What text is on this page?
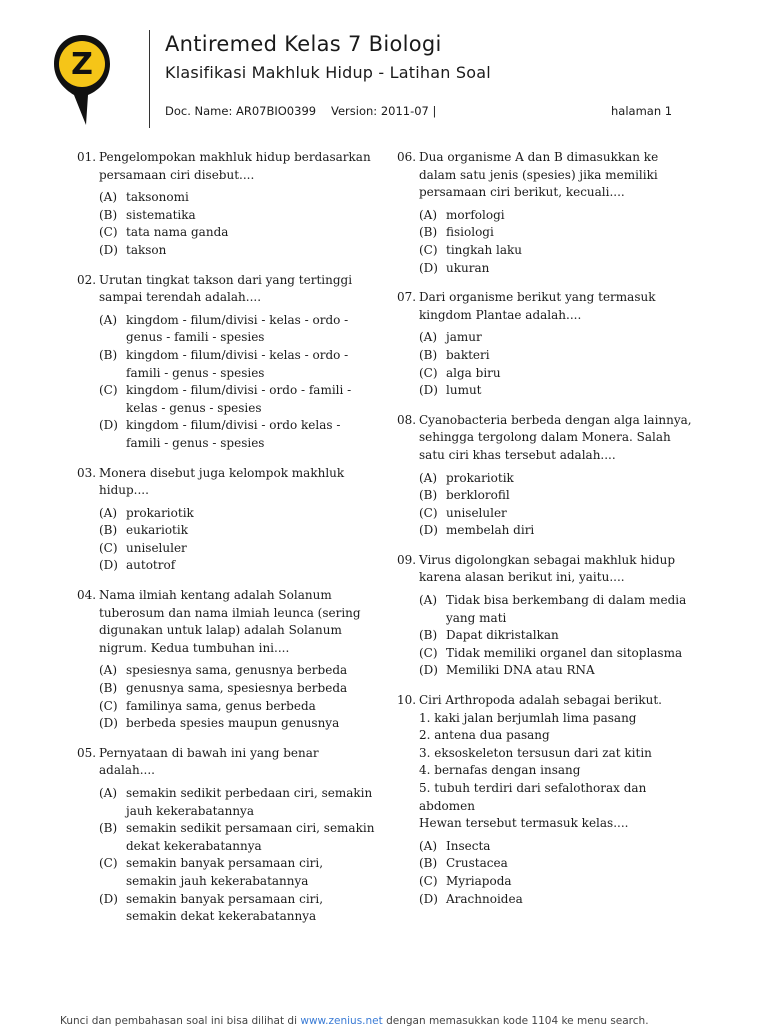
Z
Antiremed Kelas 7 Biologi
Klasifikasi Makhluk Hidup - Latihan Soal
Doc. Name: AR07BIO0399 Version: 2011-07 |	halaman 1
01. Pengelompokan makhluk hidup berdasarkan persamaan ciri disebut....
(A) taksonomi
(B) sistematika
(C) tata nama ganda
(D) takson
02. Urutan tingkat takson dari yang tertinggi sampai terendah adalah....
(A) kingdom - filum/divisi - kelas - ordo - genus - famili - spesies
(B) kingdom - filum/divisi - kelas - ordo - famili - genus - spesies
(C) kingdom - filum/divisi - ordo - famili - kelas - genus - spesies
(D) kingdom - filum/divisi - ordo kelas - famili - genus - spesies
03. Monera disebut juga kelompok makhluk hidup....
(A) prokariotik
(B) eukariotik
(C) uniseluler
(D) autotrof
04. Nama ilmiah kentang adalah Solanum tuberosum dan nama ilmiah leunca (sering digunakan untuk lalap) adalah Solanum nigrum. Kedua tumbuhan ini....
(A) spesiesnya sama, genusnya berbeda
(B) genusnya sama, spesiesnya berbeda
(C) familinya sama, genus berbeda
(D) berbeda spesies maupun genusnya
05. Pernyataan di bawah ini yang benar adalah....
(A) semakin sedikit perbedaan ciri, semakin jauh kekerabatannya
(B) semakin sedikit persamaan ciri, semakin dekat kekerabatannya
(C) semakin banyak persamaan ciri, semakin jauh kekerabatannya
(D) semakin banyak persamaan ciri, semakin dekat kekerabatannya
06. Dua organisme A dan B dimasukkan ke dalam satu jenis (spesies) jika memiliki persamaan ciri berikut, kecuali....
(A) morfologi
(B) fisiologi
(C) tingkah laku
(D) ukuran
07. Dari organisme berikut yang termasuk kingdom Plantae adalah....
(A) jamur
(B) bakteri
(C) alga biru
(D) lumut
08. Cyanobacteria berbeda dengan alga lainnya, sehingga tergolong dalam Monera. Salah satu ciri khas tersebut adalah....
(A) prokariotik
(B) berklorofil
(C) uniseluler
(D) membelah diri
09. Virus digolongkan sebagai makhluk hidup karena alasan berikut ini, yaitu....
(A) Tidak bisa berkembang di dalam media yang mati
(B) Dapat dikristalkan
(C) Tidak memiliki organel dan sitoplasma
(D) Memiliki DNA atau RNA
10. Ciri Arthropoda adalah sebagai berikut.
1. kaki jalan berjumlah lima pasang
2. antena dua pasang
3. eksoskeleton tersusun dari zat kitin
4. bernafas dengan insang
5. tubuh terdiri dari sefalothorax dan abdomen
Hewan tersebut termasuk kelas....
(A) Insecta
(B) Crustacea
(C) Myriapoda
(D) Arachnoidea
Kunci dan pembahasan soal ini bisa dilihat di www.zenius.net dengan memasukkan kode 1104 ke menu search.
